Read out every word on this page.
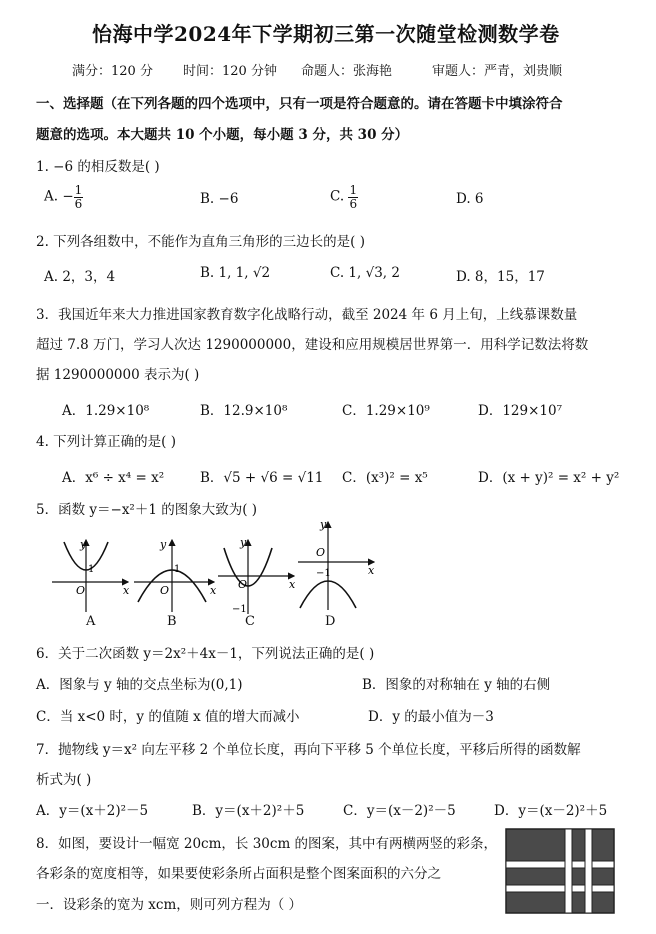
怡海中学2024年下学期初三第一次随堂检测数学卷
满分：120 分 时间：120 分钟 命题人：张海艳	审题人：严青，刘贵顺
一、选择题（在下列各题的四个选项中，只有一项是符合题意的。请在答题卡中填涂符合
题意的选项。本大题共 10 个小题，每小题 3 分，共 30 分）
1. −6 的相反数是( )
A. − $\frac{1}{6}$	B. −6	C. $\frac{1}{6}$	D. 6
2. 下列各组数中，不能作为直角三角形的三边长的是( )
A. 2，3，4	B. 1, 1, √2	C. 1, √3, 2	D. 8，15，17
3．我国近年来大力推进国家教育数字化战略行动，截至 2024 年 6 月上旬，上线慕课数量
超过 7.8 万门，学习人次达 1290000000，建设和应用规模居世界第一．用科学记数法将数
据 1290000000 表示为( )
A．1.29×10⁸	B．12.9×10⁸	C．1.29×10⁹	D．129×10⁷
4. 下列计算正确的是( )
A．x⁶ ÷ x⁴ = x²	B．√5 + √6 = √11 C．(x³)² = x⁵	D．(x + y)² = x² + y²
5．函数 y＝−x²＋1 的图象大致为( )
y
x
O
1
y
x
O
1
y
x
O
−1
y
x
O
−1
A	B	C	D
6．关于二次函数 y＝2x²＋4x－1，下列说法正确的是( )
A．图象与 y 轴的交点坐标为(0,1)	B．图象的对称轴在 y 轴的右侧
C．当 x<0 时，y 的值随 x 值的增大而减小	D．y 的最小值为－3
7．抛物线 y＝x² 向左平移 2 个单位长度，再向下平移 5 个单位长度，平移后所得的函数解
析式为( )
A．y＝(x＋2)²－5	B．y＝(x＋2)²＋5	C．y＝(x－2)²－5	D．y＝(x－2)²＋5
8．如图，要设计一幅宽 20cm，长 30cm 的图案，其中有两横两竖的彩条，
各彩条的宽度相等，如果要使彩条所占面积是整个图案面积的六分之
一．设彩条的宽为 xcm，则可列方程为（ ）
